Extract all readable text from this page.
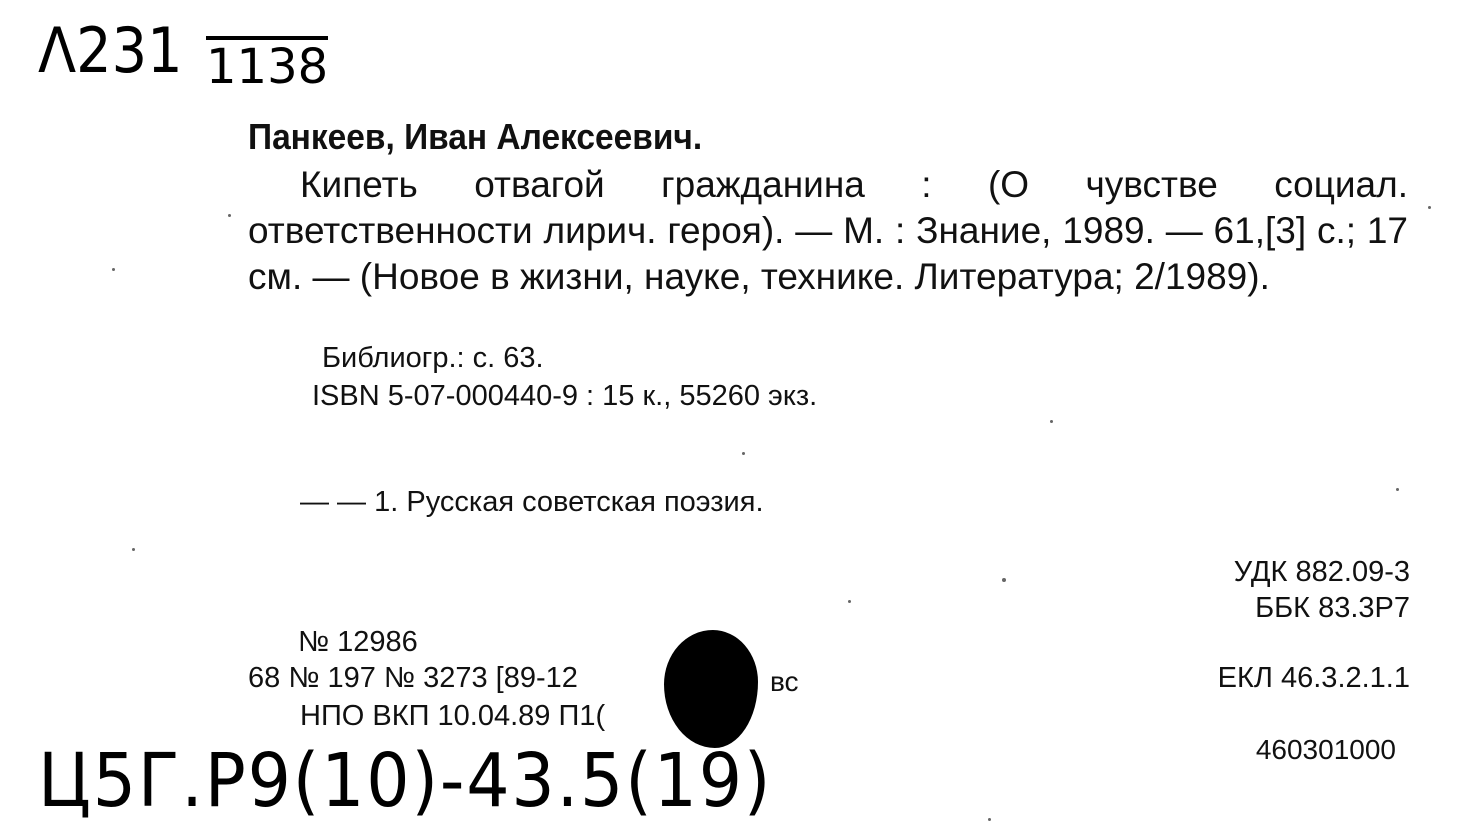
Λ231 1138
Панкеев, Иван Алексеевич.
Кипеть отвагой гражданина : (О чувстве социал. ответственности лирич. героя). — М. : Знание, 1989. — 61,[3] с.; 17 см. — (Новое в жизни, науке, технике. Литература; 2/1989).
Библиогр.: с. 63.
ISBN 5-07-000440-9 : 15 к., 55260 экз.
— — 1. Русская советская поэзия.
УДК 882.09-3
ББК 83.3Р7
ЕКЛ 46.3.2.1.1
460301000
№ 12986
68 № 197 № 3273 [89-12	вс
НПО ВКП 10.04.89 П1(
Ц5Г.Р9(10)-43.5(19)
